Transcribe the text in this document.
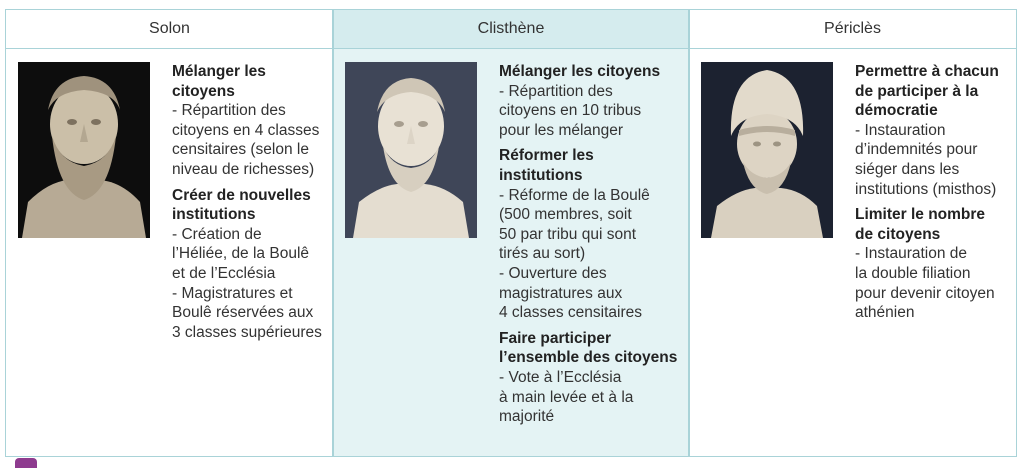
Solon
Mélanger les
citoyens
- Répartition des
citoyens en 4 classes
censitaires (selon le
niveau de richesses)
Créer de nouvelles
institutions
- Création de
l’Héliée, de la Boulê
et de l’Ecclésia
- Magistratures et
Boulê réservées aux
3 classes supérieures
Clisthène
Mélanger les citoyens
- Répartition des
citoyens en 10 tribus
pour les mélanger
Réformer les
institutions
- Réforme de la Boulê
(500 membres, soit
50 par tribu qui sont
tirés au sort)
- Ouverture des
magistratures aux
4 classes censitaires
Faire participer
l’ensemble des citoyens
- Vote à l’Ecclésia
à main levée et à la
majorité
Périclès
Permettre à chacun
de participer à la
démocratie
- Instauration
d’indemnités pour
siéger dans les
institutions (misthos)
Limiter le nombre
de citoyens
- Instauration de
la double filiation
pour devenir citoyen
athénien
